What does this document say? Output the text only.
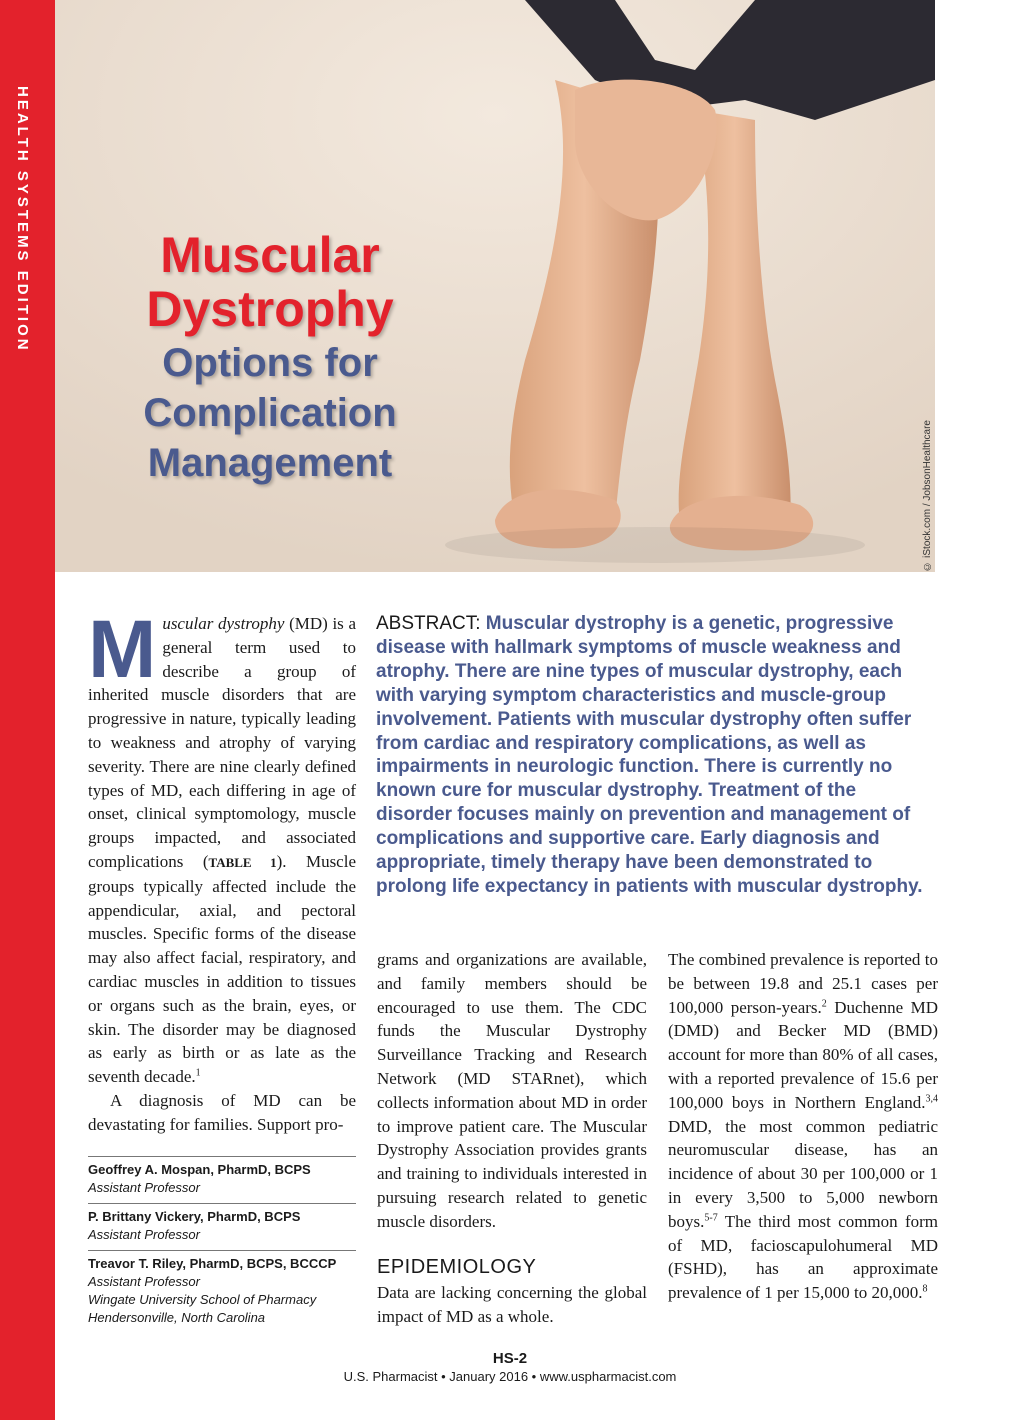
HEALTH SYSTEMS EDITION
© iStock.com / JobsonHealthcare
Muscular
Dystrophy
Options for
Complication
Management

Muscular dystrophy (MD) is a general term used to describe a group of inherited muscle disorders that are progressive in nature, typically leading to weakness and atrophy of varying severity. There are nine clearly defined types of MD, each differing in age of onset, clinical symptomology, muscle groups impacted, and associated complications (TABLE 1). Muscle groups typically affected include the appendicular, axial, and pectoral muscles. Specific forms of the disease may also affect facial, respiratory, and cardiac muscles in addition to tissues or organs such as the brain, eyes, or skin. The disorder may be diagnosed as early as birth or as late as the seventh decade.$^1$

A diagnosis of MD can be devastating for families. Support pro-

ABSTRACT: Muscular dystrophy is a genetic, progressive disease with hallmark symptoms of muscle weakness and atrophy. There are nine types of muscular dystrophy, each with varying symptom characteristics and muscle-group involvement. Patients with muscular dystrophy often suffer from cardiac and respiratory complications, as well as impairments in neurologic function. There is currently no known cure for muscular dystrophy. Treatment of the disorder focuses mainly on prevention and management of complications and supportive care. Early diagnosis and appropriate, timely therapy have been demonstrated to prolong life expectancy in patients with muscular dystrophy.

grams and organizations are available, and family members should be encouraged to use them. The CDC funds the Muscular Dystrophy Surveillance Tracking and Research Network (MD STARnet), which collects information about MD in order to improve patient care. The Muscular Dystrophy Association provides grants and training to individuals interested in pursuing research related to genetic muscle disorders.

EPIDEMIOLOGY

Data are lacking concerning the global impact of MD as a whole.

The combined prevalence is reported to be between 19.8 and 25.1 cases per 100,000 person-years.$^2$ Duchenne MD (DMD) and Becker MD (BMD) account for more than 80% of all cases, with a reported prevalence of 15.6 per 100,000 boys in Northern England.$^{3,4}$ DMD, the most common pediatric neuromuscular disease, has an incidence of about 30 per 100,000 or 1 in every 3,500 to 5,000 newborn boys.$^{5-7}$ The third most common form of MD, facioscapulohumeral MD (FSHD), has an approximate prevalence of 1 per 15,000 to 20,000.$^8$

Geoffrey A. Mospan, PharmD, BCPS
Assistant Professor
P. Brittany Vickery, PharmD, BCPS
Assistant Professor
Treavor T. Riley, PharmD, BCPS, BCCCP
Assistant Professor
Wingate University School of Pharmacy
Hendersonville, North Carolina
HS-2
U.S. Pharmacist • January 2016 • www.uspharmacist.com
